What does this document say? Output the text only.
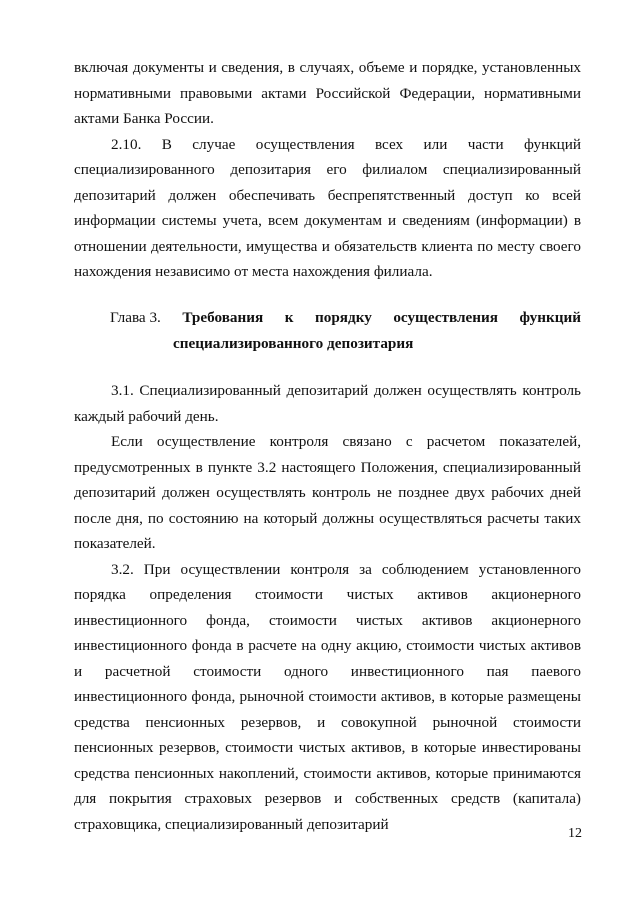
включая документы и сведения, в случаях, объеме и порядке, установленных нормативными правовыми актами Российской Федерации, нормативными актами Банка России.

2.10. В случае осуществления всех или части функций специализированного депозитария его филиалом специализированный депозитарий должен обеспечивать беспрепятственный доступ ко всей информации системы учета, всем документам и сведениям (информации) в отношении деятельности, имущества и обязательств клиента по месту своего нахождения независимо от места нахождения филиала.

Глава 3. Требования к порядку осуществления функций
специализированного депозитария

3.1. Специализированный депозитарий должен осуществлять контроль каждый рабочий день.

Если осуществление контроля связано с расчетом показателей, предусмотренных в пункте 3.2 настоящего Положения, специализированный депозитарий должен осуществлять контроль не позднее двух рабочих дней после дня, по состоянию на который должны осуществляться расчеты таких показателей.

3.2. При осуществлении контроля за соблюдением установленного порядка определения стоимости чистых активов акционерного инвестиционного фонда, стоимости чистых активов акционерного инвестиционного фонда в расчете на одну акцию, стоимости чистых активов и расчетной стоимости одного инвестиционного пая паевого инвестиционного фонда, рыночной стоимости активов, в которые размещены средства пенсионных резервов, и совокупной рыночной стоимости пенсионных резервов, стоимости чистых активов, в которые инвестированы средства пенсионных накоплений, стоимости активов, которые принимаются для покрытия страховых резервов и собственных средств (капитала) страховщика, специализированный депозитарий

12
